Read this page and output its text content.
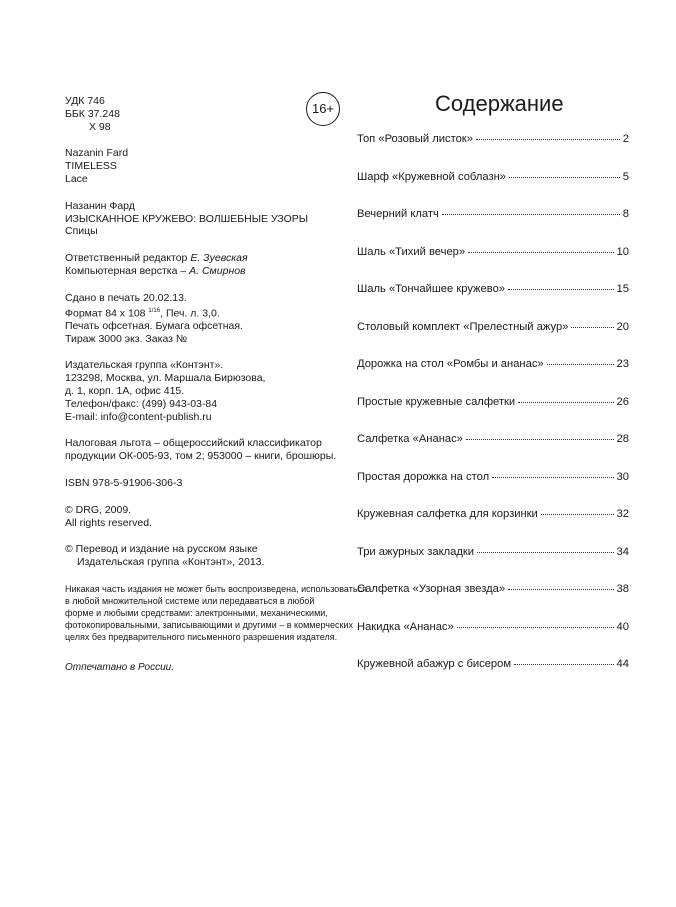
УДК 746

ББК 37.248

Х 98

Nazanin Fard

TIMELESS

Lace

Назанин Фард

ИЗЫСКАННОЕ КРУЖЕВО: ВОЛШЕБНЫЕ УЗОРЫ

Спицы

Ответственный редактор Е. Зуевская

Компьютерная верстка – А. Смирнов

Сдано в печать 20.02.13.

Формат 84 х 108 $^{1/16}$, Печ. л. 3,0.

Печать офсетная. Бумага офсетная.

Тираж 3000 экз. Заказ №

Издательская группа «Контэнт».

123298, Москва, ул. Маршала Бирюзова,

д. 1, корп. 1А, офис 415.

Телефон/факс: (499) 943-03-84

E-mail: info@content-publish.ru

Налоговая льгота – общероссийский классификатор

продукции ОК-005-93, том 2; 953000 – книги, брошюры.

ISBN 978-5-91906-306-3

© DRG, 2009.

All rights reserved.

© Перевод и издание на русском языке

Издательская группа «Контэнт», 2013.

16+

Никакая часть издания не может быть воспроизведена, использоваться

в любой множительной системе или передаваться в любой

форме и любыми средствами: электронными, механическими,

фотокопировальными, записывающими и другими – в коммерческих

целях без предварительного письменного разрешения издателя.

Отпечатано в России.

Содержание
Топ «Розовый листок»	2
Шарф «Кружевной соблазн»	5
Вечерний клатч	8
Шаль «Тихий вечер»	10
Шаль «Тончайшее кружево»	15
Столовый комплект «Прелестный ажур»	20
Дорожка на стол «Ромбы и ананас»	23
Простые кружевные салфетки	26
Салфетка «Ананас»	28
Простая дорожка на стол	30
Кружевная салфетка для корзинки	32
Три ажурных закладки	34
Салфетка «Узорная звезда»	38
Накидка «Ананас»	40
Кружевной абажур с бисером	44
